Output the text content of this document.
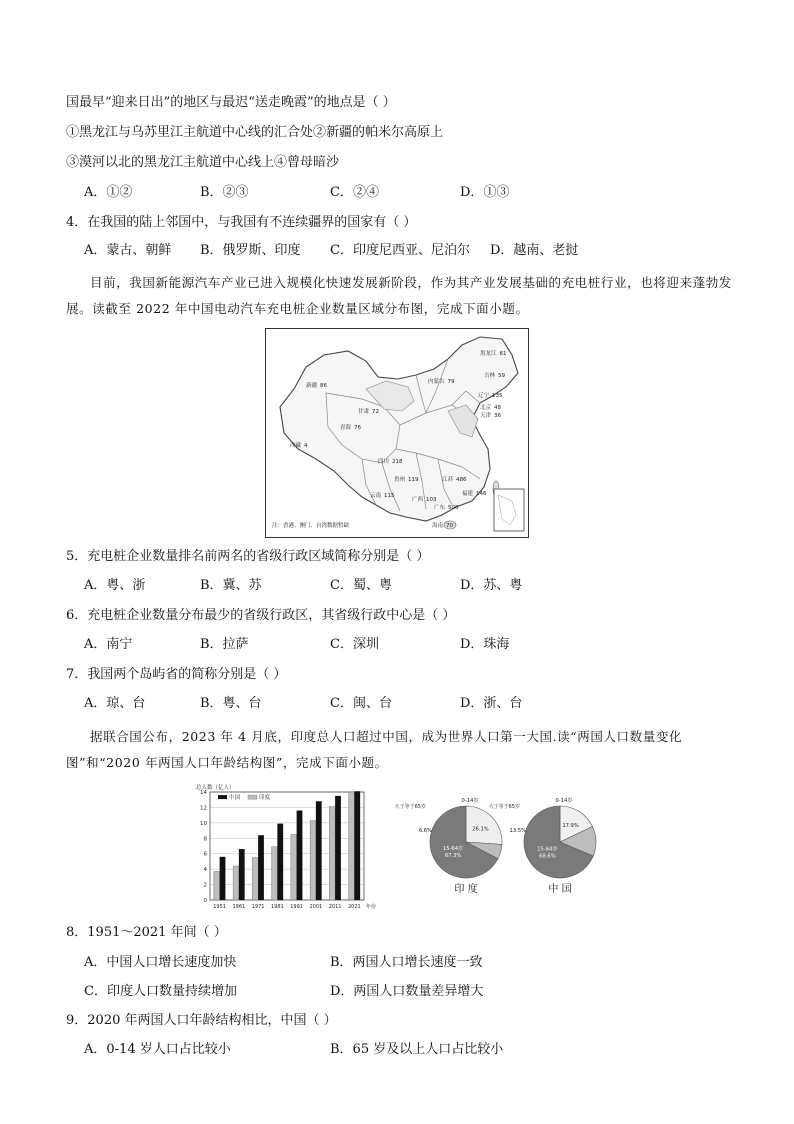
国最早“迎来日出”的地区与最迟“送走晚霞”的地点是（ ）
①黑龙江与乌苏里江主航道中心线的汇合处②新疆的帕米尔高原上
③漠河以北的黑龙江主航道中心线上④曾母暗沙
A．①②	B．②③	C．②④	D．①③
4．在我国的陆上邻国中，与我国有不连续疆界的国家有（ ）
A．蒙古、朝鲜 B．俄罗斯、印度 C．印度尼西亚、尼泊尔 D．越南、老挝
目前，我国新能源汽车产业已进入规模化快速发展新阶段，作为其产业发展基础的充电桩行业，也将迎来蓬勃发展。读截至 2022 年中国电动汽车充电桩企业数量区域分布图，完成下面小题。
新疆 86
西藏 4
青海 76
甘肃 72
内蒙古 79
黑龙江 61
吉林 59
辽宁 135
北京 48
天津 36
四川 218
云南 115
贵州 119
广西 103
广东 506
江苏 486
福建 146
海南 70
注：香港、澳门、台湾数据暂缺
5．充电桩企业数量排名前两名的省级行政区域简称分别是（ ）
A．粤、浙	B．冀、苏	C．蜀、粤	D．苏、粤
6．充电桩企业数量分布最少的省级行政区，其省级行政中心是（ ）
A．南宁	B．拉萨	C．深圳	D．珠海
7．我国两个岛屿省的简称分别是（ ）
A．琼、台	B．粤、台	C．闽、台	D．浙、台
据联合国公布，2023 年 4 月底，印度总人口超过中国，成为世界人口第一大国.读“两国人口数量变化图”和“2020 年两国人口年龄结构图”，完成下面小题。
总人数（亿人）
0
2
4
6
8
10
12
14
1951 1961 1971 1981 1991 2001 2011 2021 年份
中国	印度
26.1%
0-14岁
大于等于65岁
6.6%
15-64岁
67.3%
印 度
17.9%
0-14岁
大于等于65岁
13.5%
15-64岁
68.6%
中 国
8．1951～2021 年间（ ）
A．中国人口增长速度加快	B．两国人口增长速度一致
C．印度人口数量持续增加	D．两国人口数量差异增大
9．2020 年两国人口年龄结构相比，中国（ ）
A．0-14 岁人口占比较小	B．65 岁及以上人口占比较小
